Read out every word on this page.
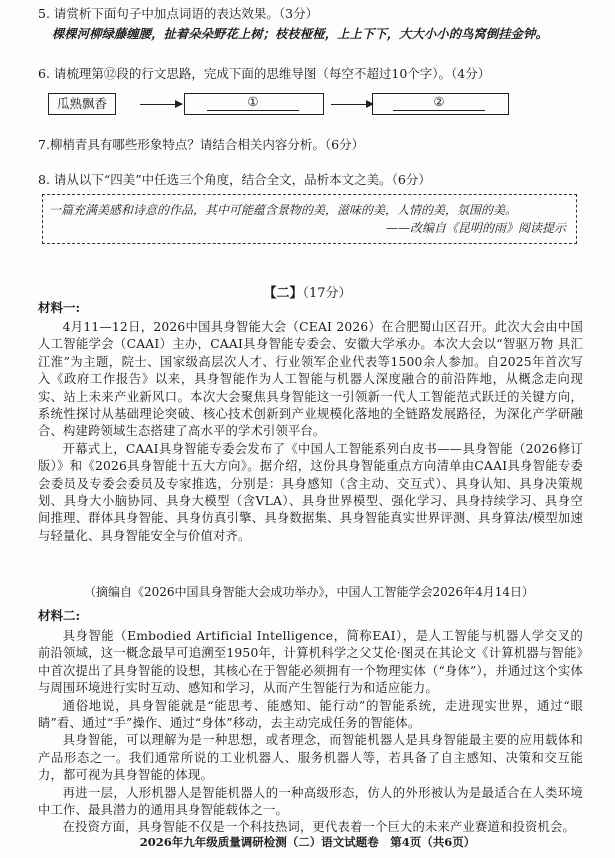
5. 请赏析下面句子中加点词语的表达效果。（3分）
棵棵河柳绿藤缠腰，扯着朵朵野花上树；枝枝桠桠，上上下下，大大小小的鸟窝倒挂金钟。
6. 请梳理第⑫段的行文思路，完成下面的思维导图（每空不超过10个字）。（4分）
瓜熟飘香	①	②
7.柳梢青具有哪些形象特点？请结合相关内容分析。（6分）
8. 请从以下“四美”中任选三个角度，结合全文，品析本文之美。（6分）
一篇充满美感和诗意的作品，其中可能蕴含景物的美，滋味的美，人情的美，氛围的美。
——改编自《昆明的雨》阅读提示
【二】（17分）
材料一:

4月11—12日，2026中国具身智能大会（CEAI 2026）在合肥蜀山区召开。此次大会由中国人工智能学会（CAAI）主办，CAAI具身智能专委会、安徽大学承办。本次大会以“智驱万物 具汇江淮”为主题，院士、国家级高层次人才、行业领军企业代表等1500余人参加。自2025年首次写入《政府工作报告》以来，具身智能作为人工智能与机器人深度融合的前沿阵地，从概念走向现实、站上未来产业新风口。本次大会聚焦具身智能这一引领新一代人工智能范式跃迁的关键方向，系统性探讨从基础理论突破、核心技术创新到产业规模化落地的全链路发展路径，为深化产学研融合、构建跨领域生态搭建了高水平的学术引领平台。

开幕式上，CAAI具身智能专委会发布了《中国人工智能系列白皮书——具身智能（2026修订版）》和《2026具身智能十五大方向》。据介绍，这份具身智能重点方向清单由CAAI具身智能专委会委员及专委会委员及专家推选，分别是：具身感知（含主动、交互式）、具身认知、具身决策规划、具身大小脑协同、具身大模型（含VLA）、具身世界模型、强化学习、具身持续学习、具身空间推理、群体具身智能、具身仿真引擎、具身数据集、具身智能真实世界评测、具身算法/模型加速与轻量化、具身智能安全与价值对齐。

（摘编自《2026中国具身智能大会成功举办》，中国人工智能学会2026年4月14日）
材料二:

具身智能（Embodied Artificial Intelligence，简称EAI），是人工智能与机器人学交叉的前沿领域，这一概念最早可追溯至1950年，计算机科学之父艾伦·图灵在其论文《计算机器与智能》中首次提出了具身智能的设想，其核心在于智能必须拥有一个物理实体（“身体”），并通过这个实体与周围环境进行实时互动、感知和学习，从而产生智能行为和适应能力。

通俗地说，具身智能就是“能思考、能感知、能行动”的智能系统，走进现实世界，通过“眼睛”看、通过“手”操作、通过“身体”移动，去主动完成任务的智能体。

具身智能，可以理解为是一种思想，或者理念，而智能机器人是具身智能最主要的应用载体和产品形态之一。我们通常所说的工业机器人、服务机器人等，若具备了自主感知、决策和交互能力，都可视为具身智能的体现。

再进一层，人形机器人是智能机器人的一种高级形态，仿人的外形被认为是最适合在人类环境中工作、最具潜力的通用具身智能载体之一。

在投资方面，具身智能不仅是一个科技热词，更代表着一个巨大的未来产业赛道和投资机会。

2026年九年级质量调研检测（二）语文试题卷　第4页（共6页）
